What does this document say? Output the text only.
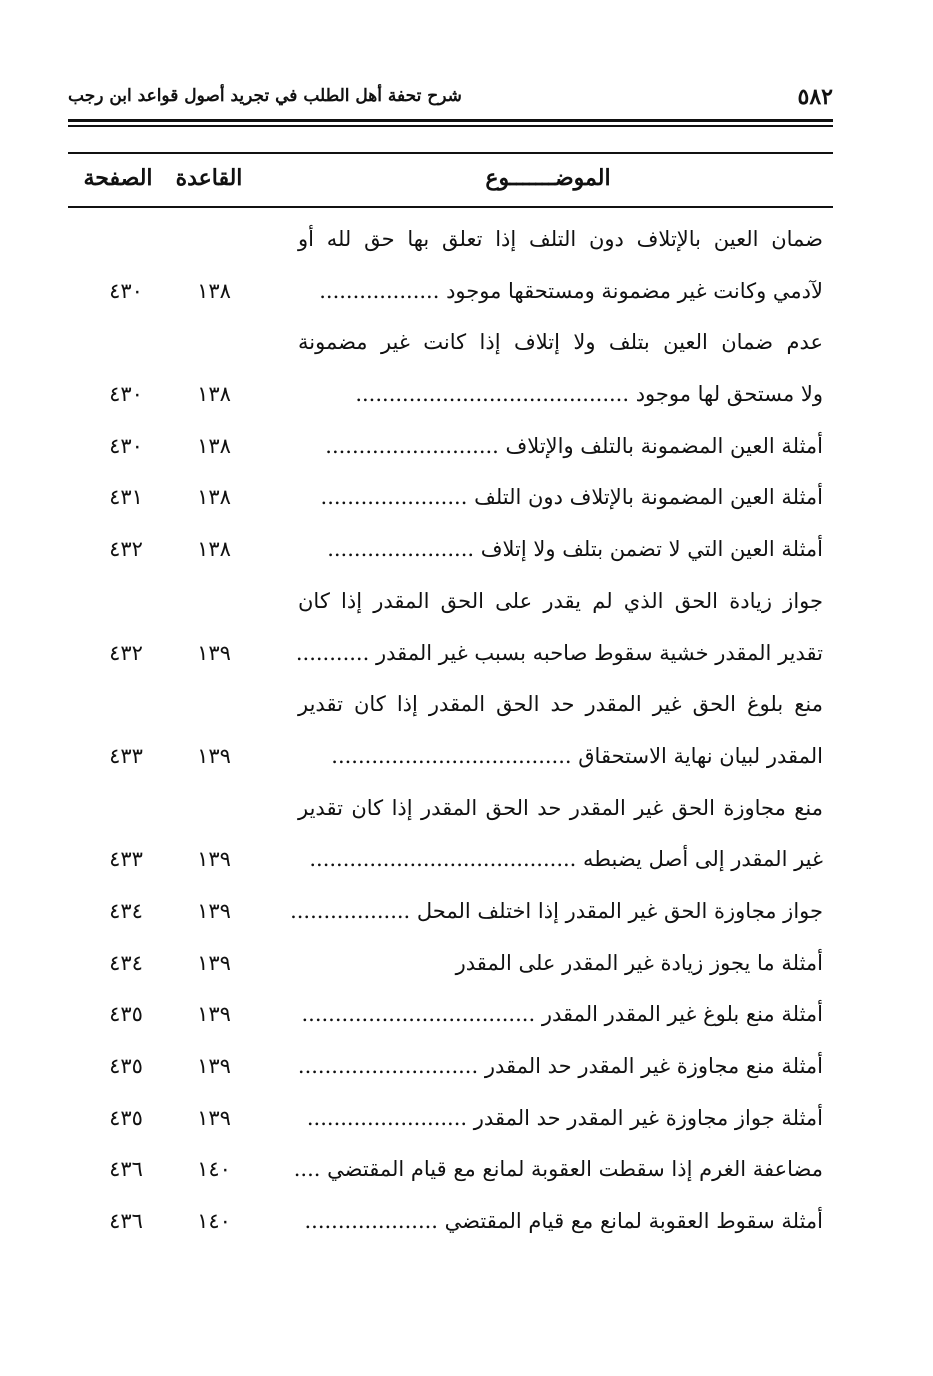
٥٨٢
شرح تحفة أهل الطلب في تجريد أصول قواعد ابن رجب
الموضـــــــوع
القاعدة
الصفحة
ضمان العين بالإتلاف دون التلف إذا تعلق بها حق لله أو
لآدمي وكانت غير مضمونة ومستحقها موجود ..................
١٣٨
٤٣٠
عدم ضمان العين بتلف ولا إتلاف إذا كانت غير مضمونة
ولا مستحق لها موجود .........................................
١٣٨
٤٣٠
أمثلة العين المضمونة بالتلف والإتلاف ..........................
١٣٨
٤٣٠
أمثلة العين المضمونة بالإتلاف دون التلف ......................
١٣٨
٤٣١
أمثلة العين التي لا تضمن بتلف ولا إتلاف ......................
١٣٨
٤٣٢
جواز زيادة الحق الذي لم يقدر على الحق المقدر إذا كان
تقدير المقدر خشية سقوط صاحبه بسبب غير المقدر ...........
١٣٩
٤٣٢
منع بلوغ الحق غير المقدر حد الحق المقدر إذا كان تقدير
المقدر لبيان نهاية الاستحقاق ....................................
١٣٩
٤٣٣
منع مجاوزة الحق غير المقدر حد الحق المقدر إذا كان تقدير
غير المقدر إلى أصل يضبطه ........................................
١٣٩
٤٣٣
جواز مجاوزة الحق غير المقدر إذا اختلف المحل ..................
١٣٩
٤٣٤
أمثلة ما يجوز زيادة غير المقدر على المقدر
١٣٩
٤٣٤
أمثلة منع بلوغ غير المقدر المقدر ...................................
١٣٩
٤٣٥
أمثلة منع مجاوزة غير المقدر حد المقدر ...........................
١٣٩
٤٣٥
أمثلة جواز مجاوزة غير المقدر حد المقدر ........................
١٣٩
٤٣٥
مضاعفة الغرم إذا سقطت العقوبة لمانع مع قيام المقتضي ....
١٤٠
٤٣٦
أمثلة سقوط العقوبة لمانع مع قيام المقتضي ....................
١٤٠
٤٣٦
